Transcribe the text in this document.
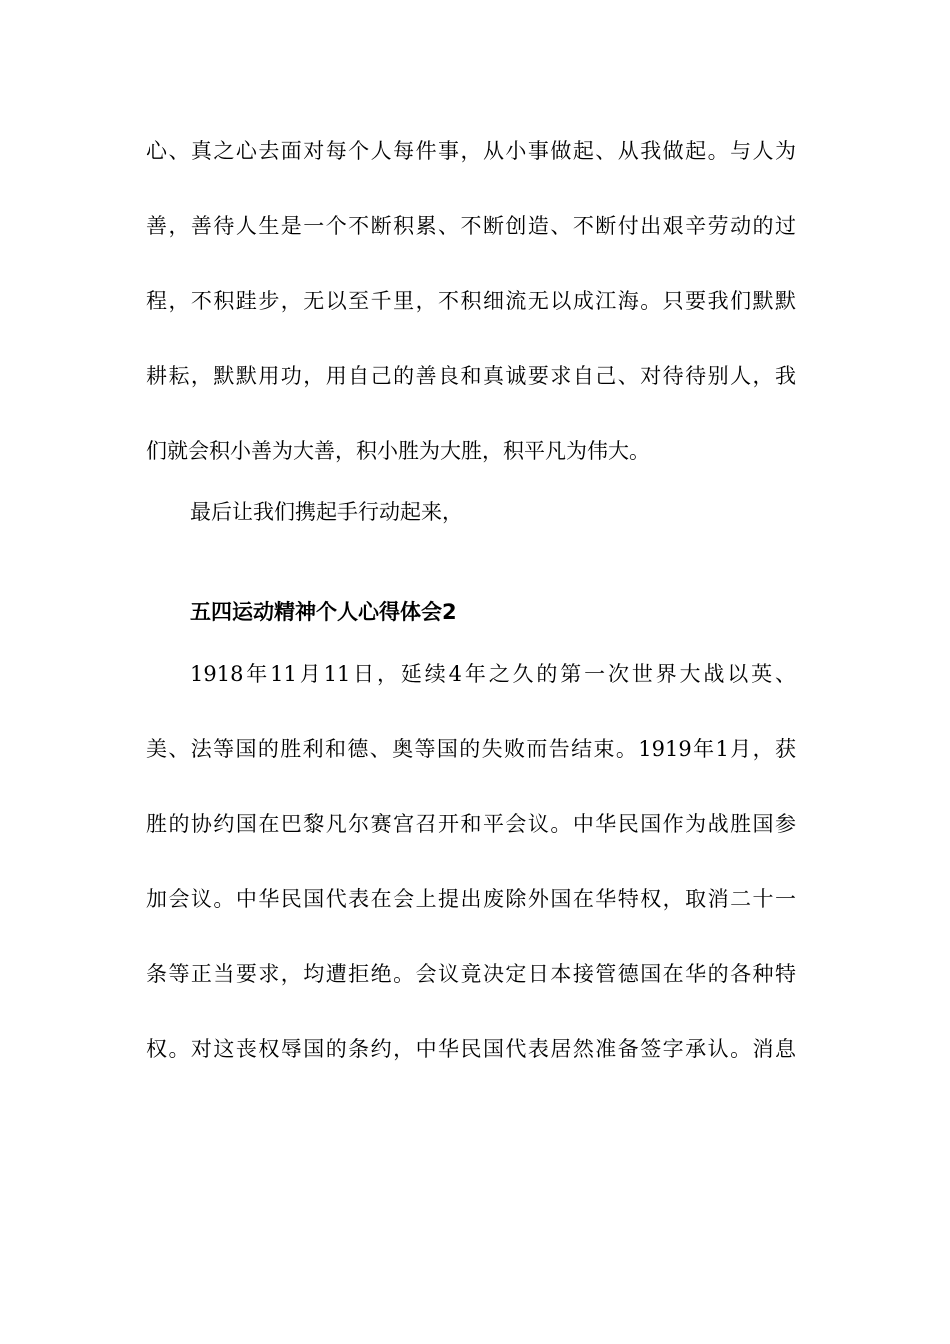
心、真之心去面对每个人每件事，从小事做起、从我做起。与人为
善，善待人生是一个不断积累、不断创造、不断付出艰辛劳动的过
程，不积跬步，无以至千里，不积细流无以成江海。只要我们默默
耕耘，默默用功，用自己的善良和真诚要求自己、对待待别人，我
们就会积小善为大善，积小胜为大胜，积平凡为伟大。
最后让我们携起手行动起来，
五四运动精神个人心得体会2
1918年11月11日，延续4年之久的第一次世界大战以英、
美、法等国的胜利和德、奥等国的失败而告结束。1919年1月，获
胜的协约国在巴黎凡尔赛宫召开和平会议。中华民国作为战胜国参
加会议。中华民国代表在会上提出废除外国在华特权，取消二十一
条等正当要求，均遭拒绝。会议竟决定日本接管德国在华的各种特
权。对这丧权辱国的条约，中华民国代表居然准备签字承认。消息
